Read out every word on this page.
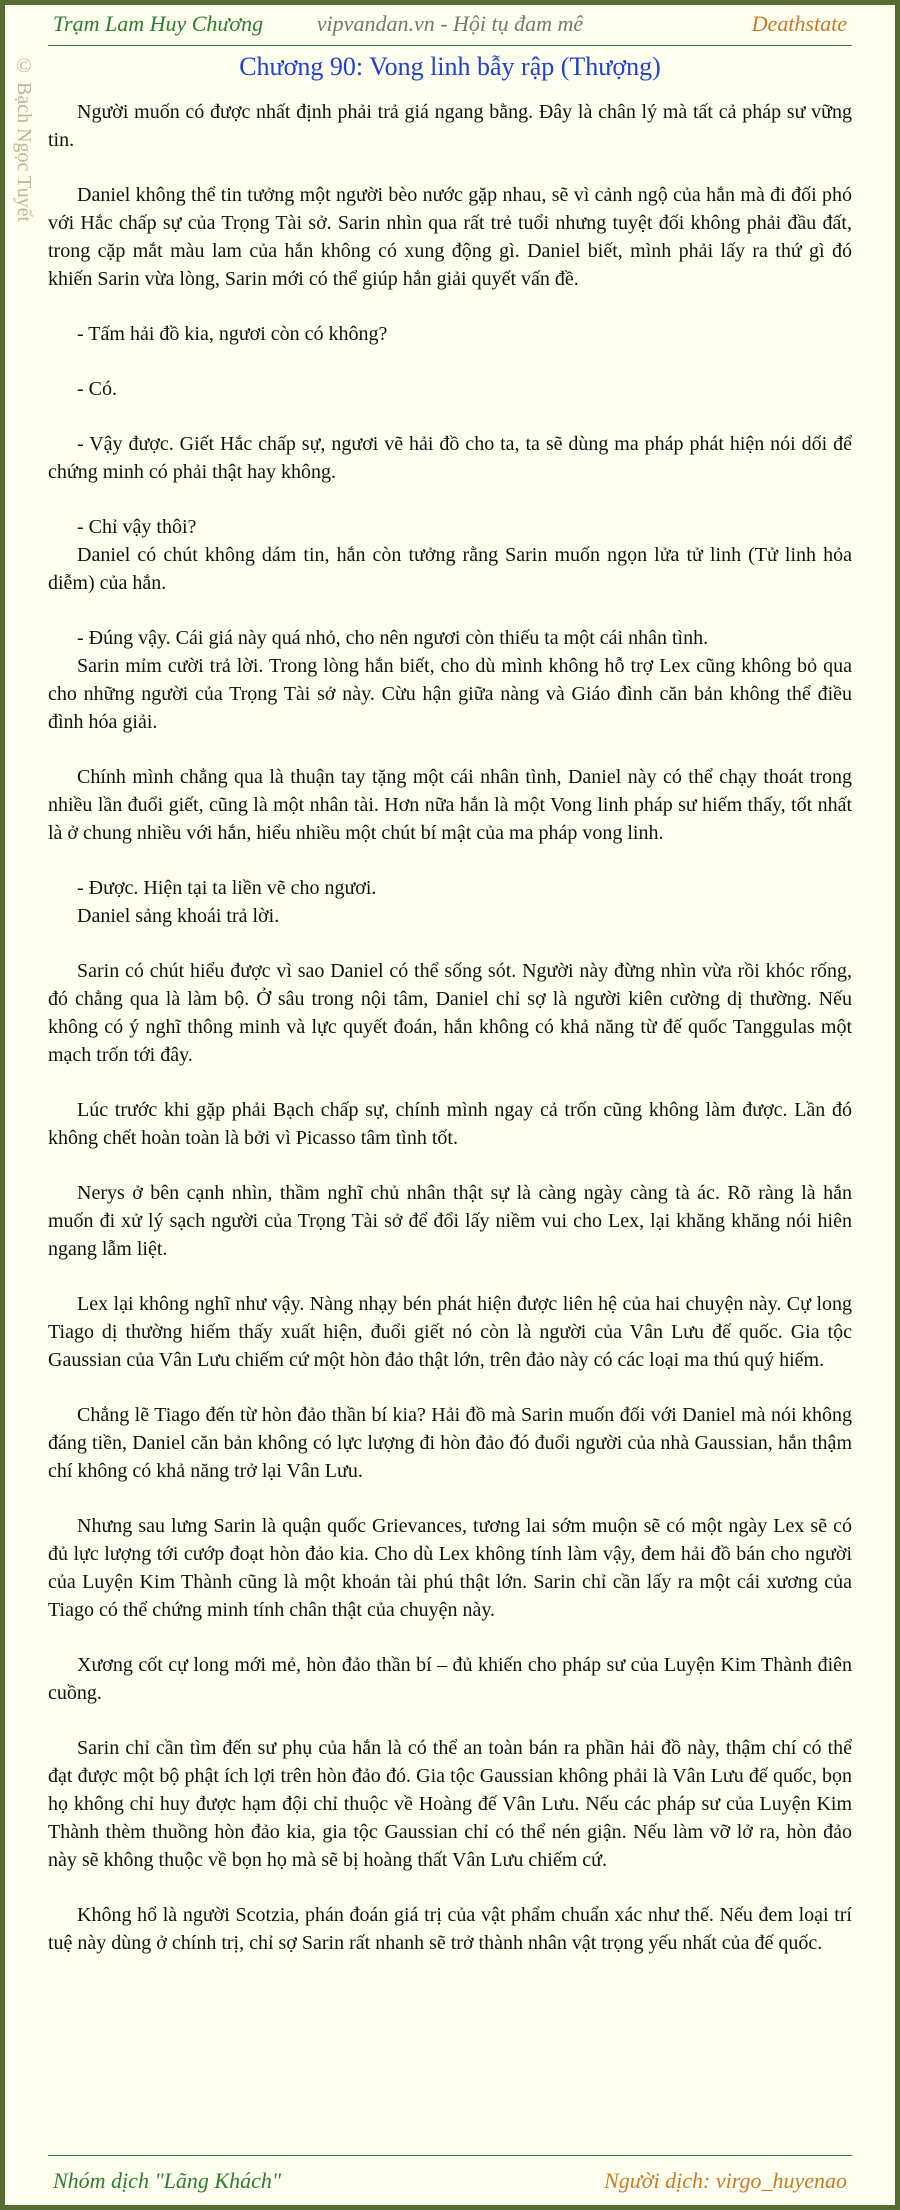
Trạm Lam Huy Chương	vipvandan.vn - Hội tụ đam mê	Deathstate
© Bạch Ngọc Tuyết	Chương 90: Vong linh bẫy rập (Thượng)

Người muốn có được nhất định phải trả giá ngang bằng. Đây là chân lý mà tất cả pháp sư vững tin.

Daniel không thể tin tưởng một người bèo nước gặp nhau, sẽ vì cảnh ngộ của hắn mà đi đối phó với Hắc chấp sự của Trọng Tài sở. Sarin nhìn qua rất trẻ tuổi nhưng tuyệt đối không phải đầu đất, trong cặp mắt màu lam của hắn không có xung động gì. Daniel biết, mình phải lấy ra thứ gì đó khiến Sarin vừa lòng, Sarin mới có thể giúp hắn giải quyết vấn đề.

- Tấm hải đồ kia, ngươi còn có không?

- Có.

- Vậy được. Giết Hắc chấp sự, ngươi vẽ hải đồ cho ta, ta sẽ dùng ma pháp phát hiện nói dối để chứng minh có phải thật hay không.

- Chỉ vậy thôi?

Daniel có chút không dám tin, hắn còn tưởng rằng Sarin muốn ngọn lửa tử linh (Tử linh hỏa diễm) của hắn.

- Đúng vậy. Cái giá này quá nhỏ, cho nên ngươi còn thiếu ta một cái nhân tình.

Sarin mỉm cười trả lời. Trong lòng hắn biết, cho dù mình không hỗ trợ Lex cũng không bỏ qua cho những người của Trọng Tài sở này. Cừu hận giữa nàng và Giáo đình căn bản không thể điều đình hóa giải.

Chính mình chẳng qua là thuận tay tặng một cái nhân tình, Daniel này có thể chạy thoát trong nhiều lần đuổi giết, cũng là một nhân tài. Hơn nữa hắn là một Vong linh pháp sư hiếm thấy, tốt nhất là ở chung nhiều với hắn, hiểu nhiều một chút bí mật của ma pháp vong linh.

- Được. Hiện tại ta liền vẽ cho ngươi.

Daniel sảng khoái trả lời.

Sarin có chút hiểu được vì sao Daniel có thể sống sót. Người này đừng nhìn vừa rồi khóc rống, đó chẳng qua là làm bộ. Ở sâu trong nội tâm, Daniel chỉ sợ là người kiên cường dị thường. Nếu không có ý nghĩ thông minh và lực quyết đoán, hắn không có khả năng từ đế quốc Tanggulas một mạch trốn tới đây.

Lúc trước khi gặp phải Bạch chấp sự, chính mình ngay cả trốn cũng không làm được. Lần đó không chết hoàn toàn là bởi vì Picasso tâm tình tốt.

Nerys ở bên cạnh nhìn, thầm nghĩ chủ nhân thật sự là càng ngày càng tà ác. Rõ ràng là hắn muốn đi xử lý sạch người của Trọng Tài sở để đổi lấy niềm vui cho Lex, lại khăng khăng nói hiên ngang lẫm liệt.

Lex lại không nghĩ như vậy. Nàng nhạy bén phát hiện được liên hệ của hai chuyện này. Cự long Tiago dị thường hiếm thấy xuất hiện, đuổi giết nó còn là người của Vân Lưu đế quốc. Gia tộc Gaussian của Vân Lưu chiếm cứ một hòn đảo thật lớn, trên đảo này có các loại ma thú quý hiếm.

Chẳng lẽ Tiago đến từ hòn đảo thần bí kia? Hải đồ mà Sarin muốn đối với Daniel mà nói không đáng tiền, Daniel căn bản không có lực lượng đi hòn đảo đó đuổi người của nhà Gaussian, hắn thậm chí không có khả năng trở lại Vân Lưu.

Nhưng sau lưng Sarin là quận quốc Grievances, tương lai sớm muộn sẽ có một ngày Lex sẽ có đủ lực lượng tới cướp đoạt hòn đảo kia. Cho dù Lex không tính làm vậy, đem hải đồ bán cho người của Luyện Kim Thành cũng là một khoản tài phú thật lớn. Sarin chỉ cần lấy ra một cái xương của Tiago có thể chứng minh tính chân thật của chuyện này.

Xương cốt cự long mới mẻ, hòn đảo thần bí – đủ khiến cho pháp sư của Luyện Kim Thành điên cuồng.

Sarin chỉ cần tìm đến sư phụ của hắn là có thể an toàn bán ra phần hải đồ này, thậm chí có thể đạt được một bộ phật ích lợi trên hòn đảo đó. Gia tộc Gaussian không phải là Vân Lưu đế quốc, bọn họ không chỉ huy được hạm đội chỉ thuộc về Hoàng đế Vân Lưu. Nếu các pháp sư của Luyện Kim Thành thèm thuồng hòn đảo kia, gia tộc Gaussian chỉ có thể nén giận. Nếu làm vỡ lở ra, hòn đảo này sẽ không thuộc về bọn họ mà sẽ bị hoàng thất Vân Lưu chiếm cứ.

Không hổ là người Scotzia, phán đoán giá trị của vật phẩm chuẩn xác như thế. Nếu đem loại trí tuệ này dùng ở chính trị, chỉ sợ Sarin rất nhanh sẽ trở thành nhân vật trọng yếu nhất của đế quốc.

Nhóm dịch "Lãng Khách"	Người dịch: virgo_huyenao
